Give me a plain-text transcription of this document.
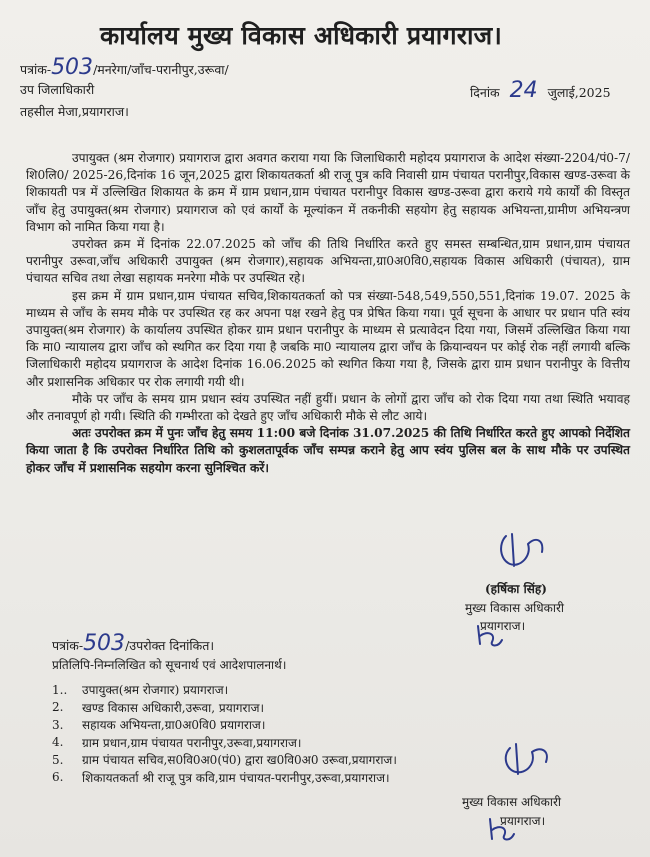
कार्यालय मुख्य विकास अधिकारी प्रयागराज।
पत्रांक-503/मनरेगा/जाँच-परानीपुर,उरूवा/
दिनांक 24 जुलाई,2025
उप जिलाधिकारी
तहसील मेजा,प्रयागराज।

उपायुक्त (श्रम रोजगार) प्रयागराज द्वारा अवगत कराया गया कि जिलाधिकारी महोदय प्रयागराज के आदेश संख्या-2204/पं0-7/शि0लि0/ 2025-26,दिनांक 16 जून,2025 द्वारा शिकायतकर्ता श्री राजू पुत्र कवि निवासी ग्राम पंचायत परानीपुर,विकास खण्ड-उरूवा के शिकायती पत्र में उल्लिखित शिकायत के क्रम में ग्राम प्रधान,ग्राम पंचायत परानीपुर विकास खण्ड-उरूवा द्वारा कराये गये कार्यों की विस्तृत जाँच हेतु उपायुक्त(श्रम रोजगार) प्रयागराज को एवं कार्यों के मूल्यांकन में तकनीकी सहयोग हेतु सहायक अभियन्ता,ग्रामीण अभियन्त्रण विभाग को नामित किया गया है।

उपरोक्त क्रम में दिनांक 22.07.2025 को जाँच की तिथि निर्धारित करते हुए समस्त सम्बन्धित,ग्राम प्रधान,ग्राम पंचायत परानीपुर उरूवा,जाँच अधिकारी उपायुक्त (श्रम रोजगार),सहायक अभियन्ता,ग्रा0अ0वि0,सहायक विकास अधिकारी (पंचायत), ग्राम पंचायत सचिव तथा लेखा सहायक मनरेगा मौके पर उपस्थित रहे।

इस क्रम में ग्राम प्रधान,ग्राम पंचायत सचिव,शिकायतकर्ता को पत्र संख्या-548,549,550,551,दिनांक 19.07. 2025 के माध्यम से जाँच के समय मौके पर उपस्थित रह कर अपना पक्ष रखने हेतु पत्र प्रेषित किया गया। पूर्व सूचना के आधार पर प्रधान पति स्वंय उपायुक्त(श्रम रोजगार) के कार्यालय उपस्थित होकर ग्राम प्रधान परानीपुर के माध्यम से प्रत्यावेदन दिया गया, जिसमें उल्लिखित किया गया कि मा0 न्यायालय द्वारा जाँच को स्थगित कर दिया गया है जबकि मा0 न्यायालय द्वारा जाँच के क्रियान्वयन पर कोई रोक नहीं लगायी बल्कि जिलाधिकारी महोदय प्रयागराज के आदेश दिनांक 16.06.2025 को स्थगित किया गया है, जिसके द्वारा ग्राम प्रधान परानीपुर के वित्तीय और प्रशासनिक अधिकार पर रोक लगायी गयी थी।

मौके पर जाँच के समय ग्राम प्रधान स्वंय उपस्थित नहीं हुयीं। प्रधान के लोगों द्वारा जाँच को रोक दिया गया तथा स्थिति भयावह और तनावपूर्ण हो गयी। स्थिति की गम्भीरता को देखते हुए जाँच अधिकारी मौके से लौट आये।

अतः उपरोक्त क्रम में पुनः जाँच हेतु समय 11:00 बजे दिनांक 31.07.2025 की तिथि निर्धारित करते हुए आपको निर्देशित किया जाता है कि उपरोक्त निर्धारित तिथि को कुशलतापूर्वक जाँच सम्पन्न कराने हेतु आप स्वंय पुलिस बल के साथ मौके पर उपस्थित होकर जाँच में प्रशासनिक सहयोग करना सुनिश्चित करें।

(हर्षिका सिंह)
मुख्य विकास अधिकारी
प्रयागराज।
पत्रांक-503/उपरोक्त दिनांकित।
प्रतिलिपि-निम्नलिखित को सूचनार्थ एवं आदेशपालनार्थ।
1..	उपायुक्त(श्रम रोजगार) प्रयागराज।
2.	खण्ड विकास अधिकारी,उरूवा, प्रयागराज।
3.	सहायक अभियन्ता,ग्रा0अ0वि0 प्रयागराज।
4.	ग्राम प्रधान,ग्राम पंचायत परानीपुर,उरूवा,प्रयागराज।
5.	ग्राम पंचायत सचिव,स0वि0अ0(पं0) द्वारा ख0वि0अ0 उरूवा,प्रयागराज।
6.	शिकायतकर्ता श्री राजू पुत्र कवि,ग्राम पंचायत-परानीपुर,उरूवा,प्रयागराज।
मुख्य विकास अधिकारी
प्रयागराज।
